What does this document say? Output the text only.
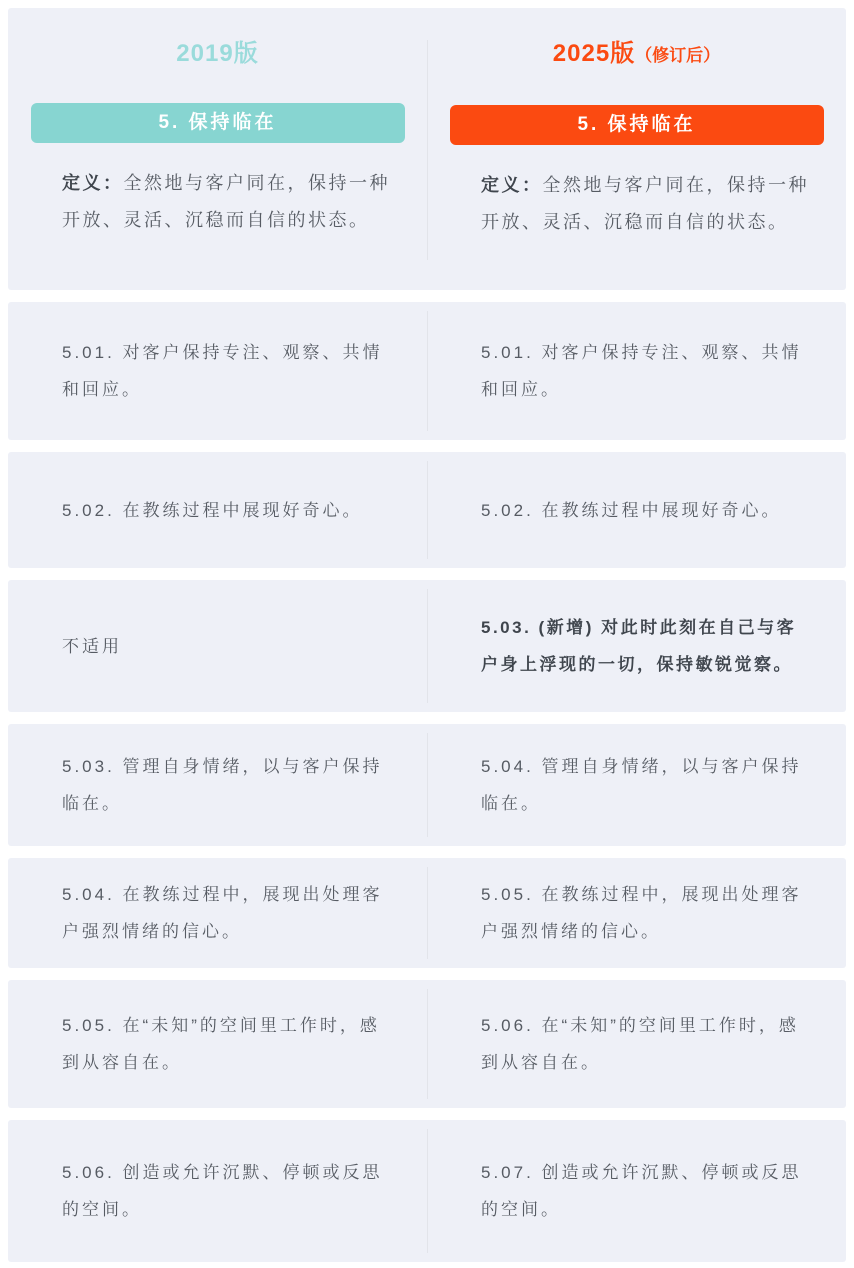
2019版
5. 保持临在

定义：全然地与客户同在，保持一种开放、灵活、沉稳而自信的状态。

2025版（修订后）
5. 保持临在

定义：全然地与客户同在，保持一种开放、灵活、沉稳而自信的状态。

5.01. 对客户保持专注、观察、共情和回应。
5.01. 对客户保持专注、观察、共情和回应。
5.02. 在教练过程中展现好奇心。	5.02. 在教练过程中展现好奇心。
不适用
5.03. (新增) 对此时此刻在自己与客户身上浮现的一切，保持敏锐觉察。
5.03. 管理自身情绪，以与客户保持临在。
5.04. 管理自身情绪，以与客户保持临在。
5.04. 在教练过程中，展现出处理客户强烈情绪的信心。
5.05. 在教练过程中，展现出处理客户强烈情绪的信心。
5.05. 在“未知”的空间里工作时，感到从容自在。
5.06. 在“未知”的空间里工作时，感到从容自在。
5.06. 创造或允许沉默、停顿或反思的空间。
5.07. 创造或允许沉默、停顿或反思的空间。
